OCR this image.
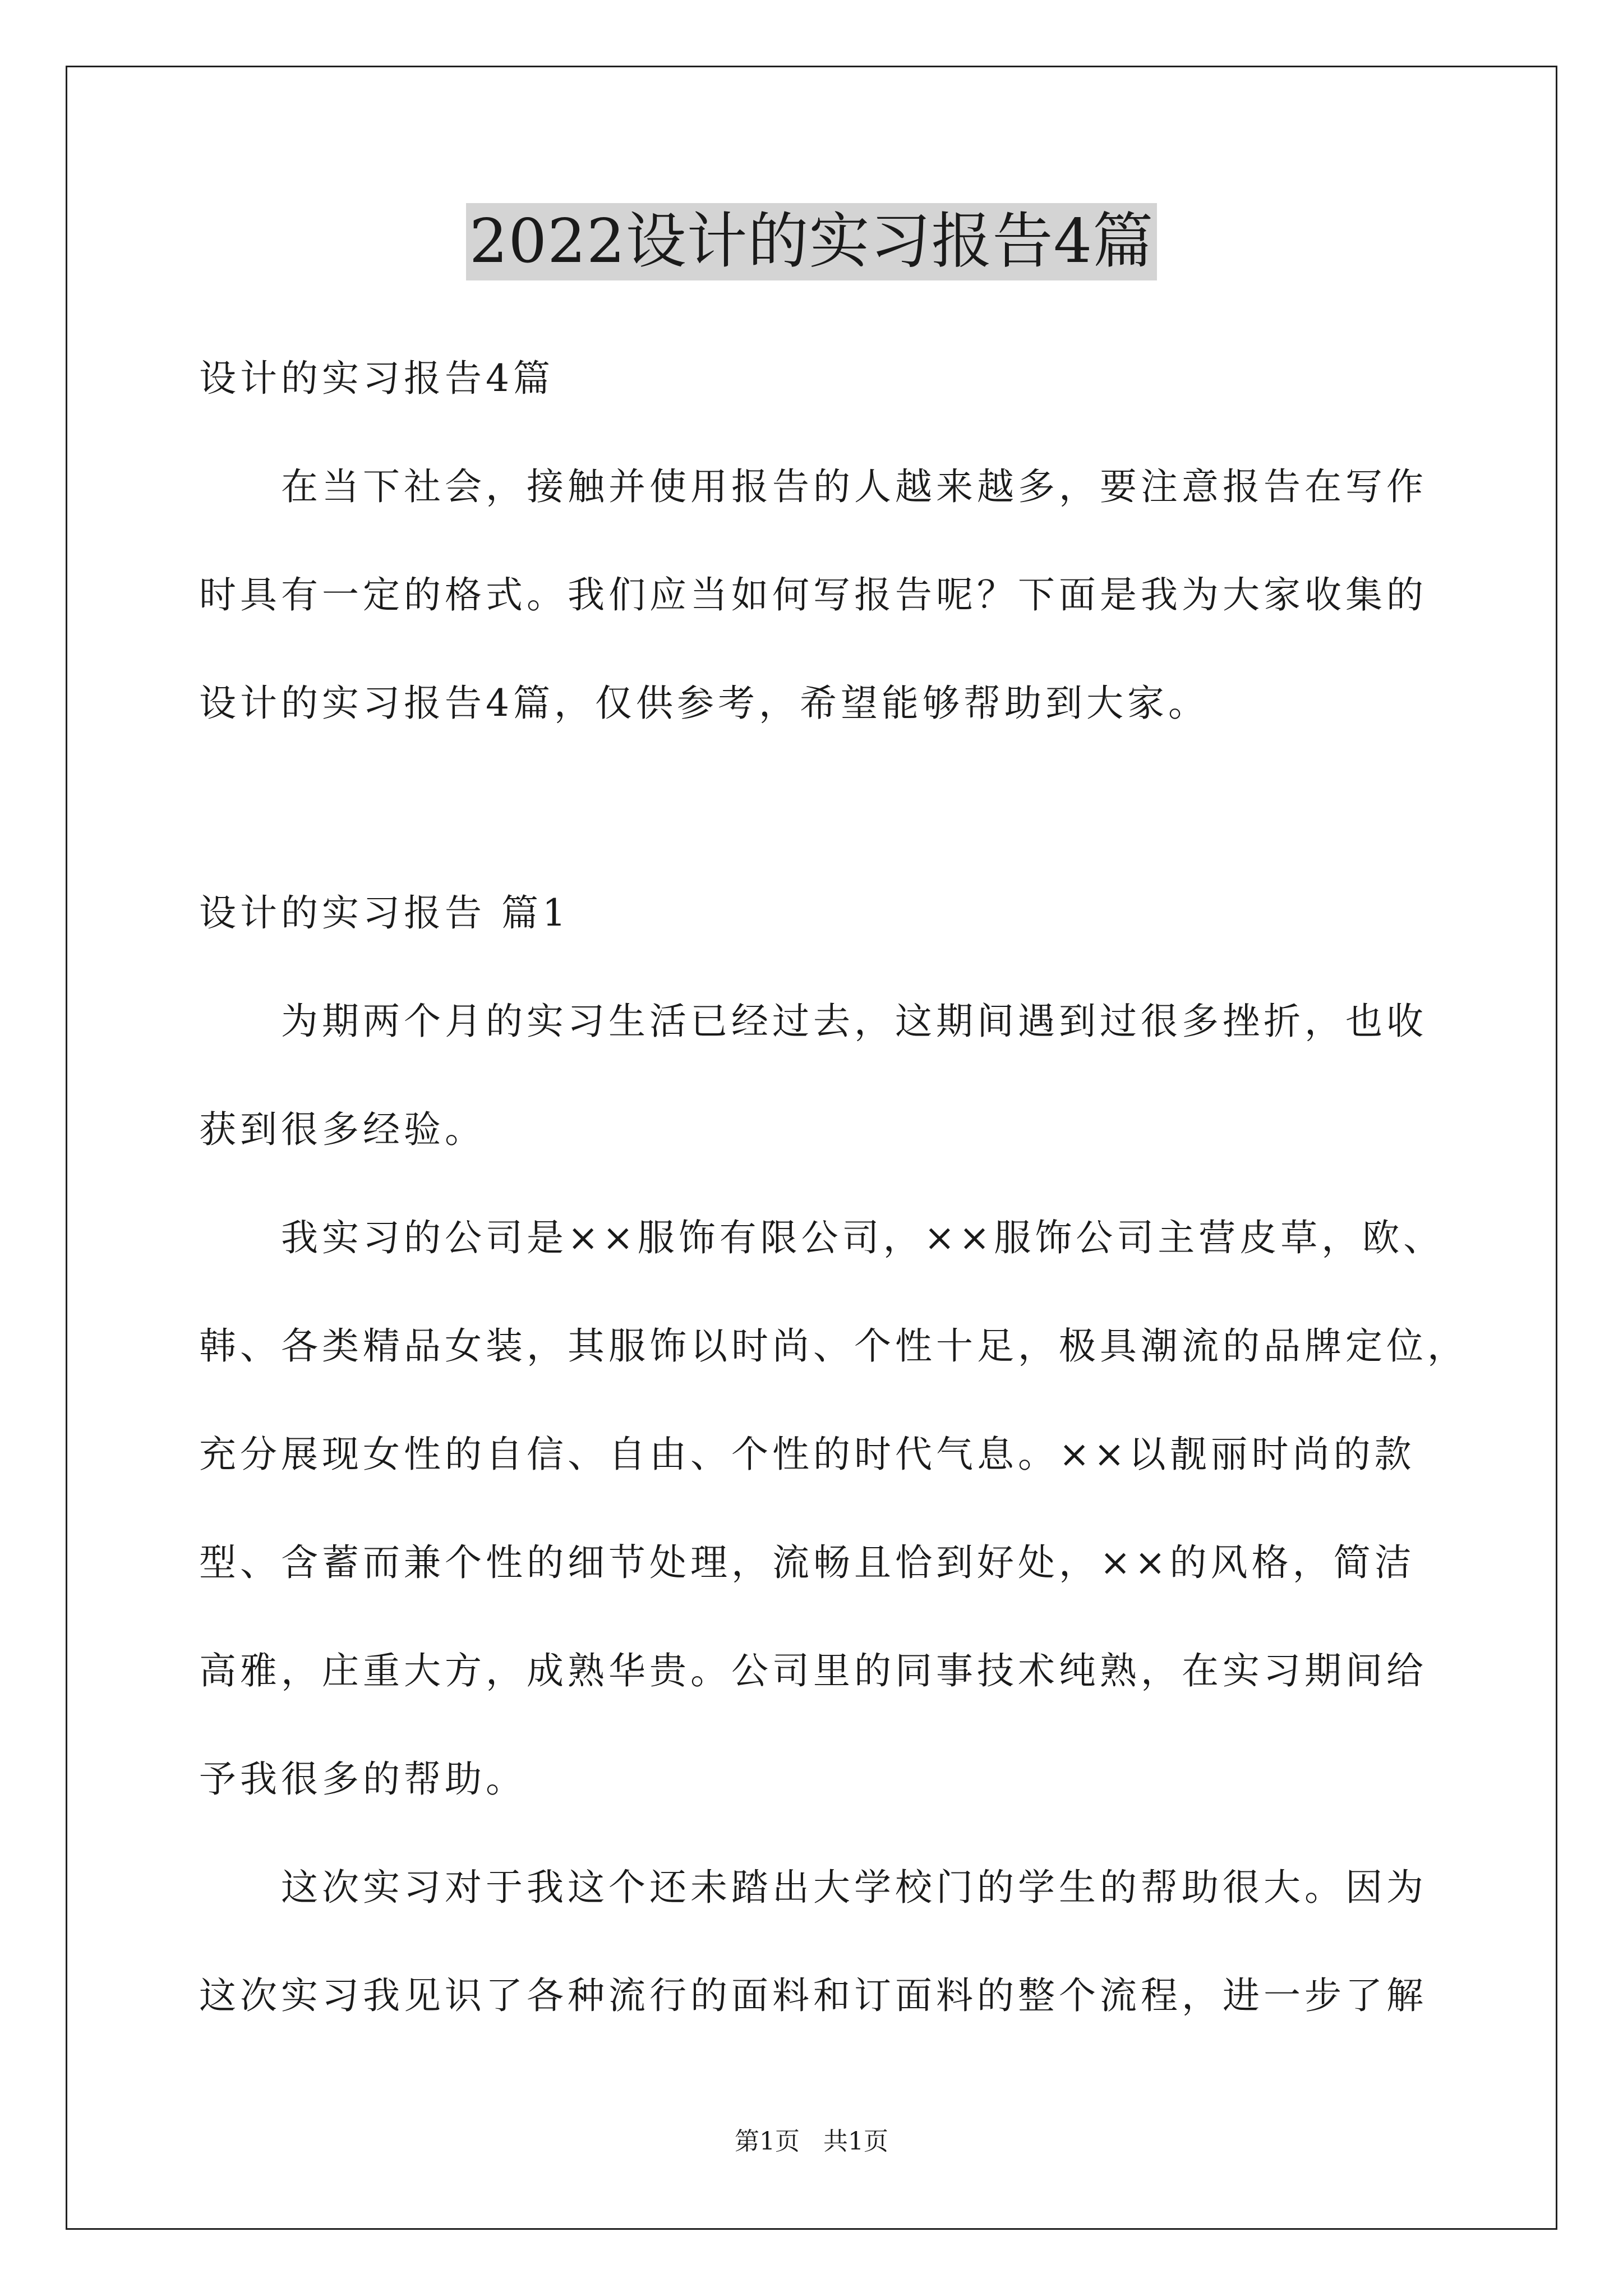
2022设计的实习报告4篇
设计的实习报告4篇
　　在当下社会，接触并使用报告的人越来越多，要注意报告在写作
时具有一定的格式。我们应当如何写报告呢？下面是我为大家收集的
设计的实习报告4篇，仅供参考，希望能够帮助到大家。
设计的实习报告 篇1
　　为期两个月的实习生活已经过去，这期间遇到过很多挫折，也收
获到很多经验。
　　我实习的公司是××服饰有限公司，××服饰公司主营皮草，欧、
韩、各类精品女装，其服饰以时尚、个性十足，极具潮流的品牌定位，
充分展现女性的自信、自由、个性的时代气息。××以靓丽时尚的款
型、含蓄而兼个性的细节处理，流畅且恰到好处，××的风格，简洁
高雅，庄重大方，成熟华贵。公司里的同事技术纯熟，在实习期间给
予我很多的帮助。
　　这次实习对于我这个还未踏出大学校门的学生的帮助很大。因为
这次实习我见识了各种流行的面料和订面料的整个流程，进一步了解
第1页 共1页
